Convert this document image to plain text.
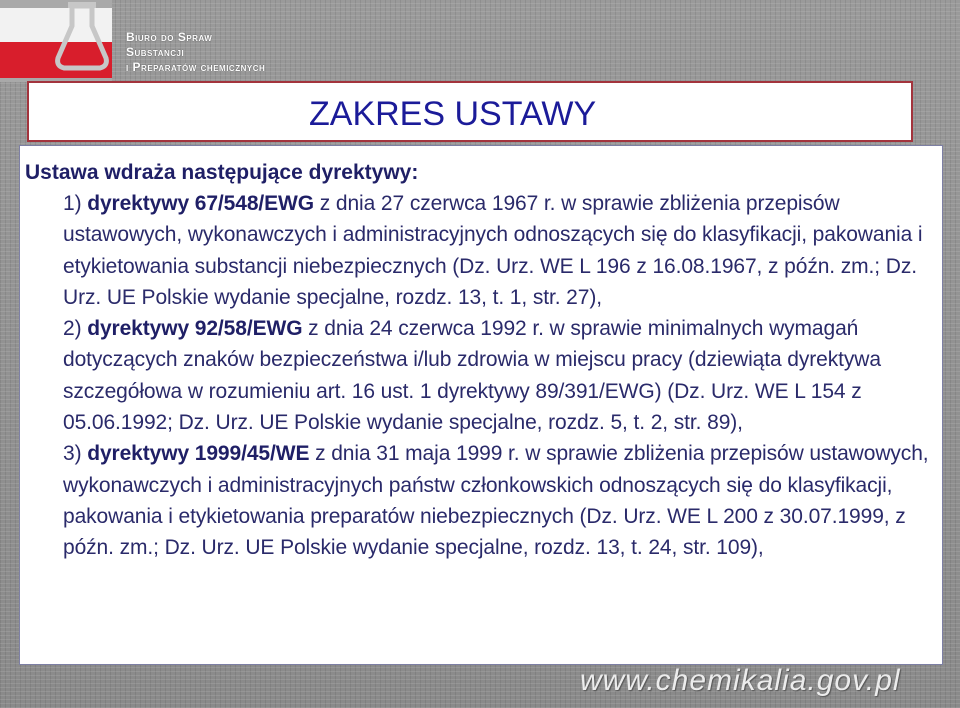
Biuro do Spraw
Substancji
i Preparatów chemicznych
ZAKRES USTAWY

Ustawa wdraża następujące dyrektywy:

1) dyrektywy 67/548/EWG z dnia 27 czerwca 1967 r. w sprawie zbliżenia przepisów ustawowych, wykonawczych i administracyjnych odnoszących się do klasyfikacji, pakowania i etykietowania substancji niebezpiecznych (Dz. Urz. WE L 196 z 16.08.1967, z późn. zm.; Dz. Urz. UE Polskie wydanie specjalne, rozdz. 13, t. 1, str. 27),

2) dyrektywy 92/58/EWG z dnia 24 czerwca 1992 r. w sprawie minimalnych wymagań dotyczących znaków bezpieczeństwa i/lub zdrowia w miejscu pracy (dziewiąta dyrektywa szczegółowa w rozumieniu art. 16 ust. 1 dyrektywy 89/391/EWG) (Dz. Urz. WE L 154 z 05.06.1992; Dz. Urz. UE Polskie wydanie specjalne, rozdz. 5, t. 2, str. 89),

3) dyrektywy 1999/45/WE z dnia 31 maja 1999 r. w sprawie zbliżenia przepisów ustawowych, wykonawczych i administracyjnych państw członkowskich odnoszących się do klasyfikacji, pakowania i etykietowania preparatów niebezpiecznych (Dz. Urz. WE L 200 z 30.07.1999, z późn. zm.; Dz. Urz. UE Polskie wydanie specjalne, rozdz. 13, t. 24, str. 109),

www.chemikalia.gov.pl
